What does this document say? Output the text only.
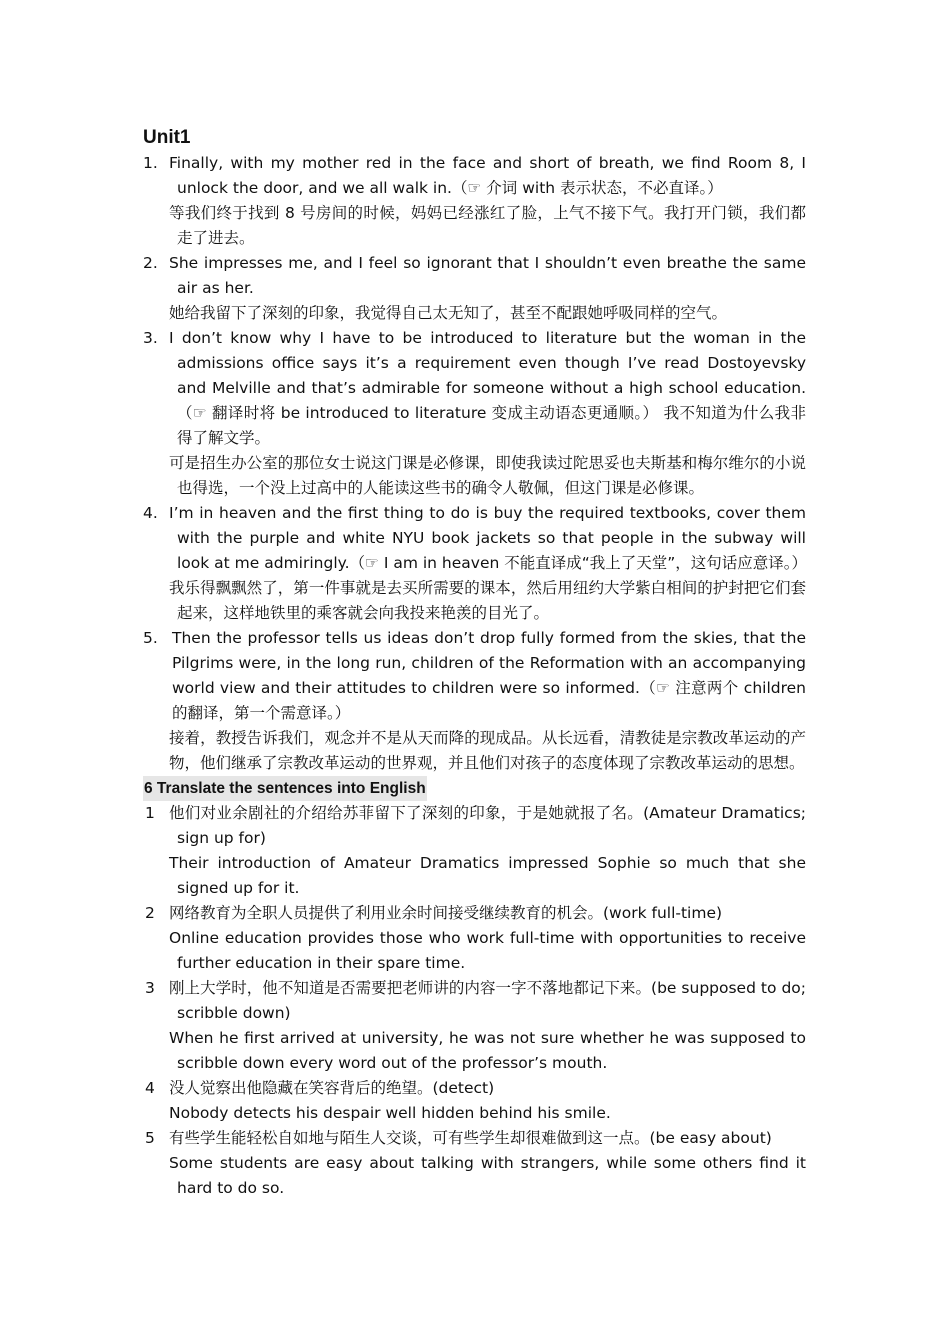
Unit1
1. Finally, with my mother red in the face and short of breath, we find Room 8, I unlock the door, and we all walk in.（☞ 介词 with 表示状态，不必直译。）
等我们终于找到 8 号房间的时候，妈妈已经涨红了脸，上气不接下气。我打开门锁，我们都走了进去。
2. She impresses me, and I feel so ignorant that I shouldn’t even breathe the same air as her.
她给我留下了深刻的印象，我觉得自己太无知了，甚至不配跟她呼吸同样的空气。
3. I don’t know why I have to be introduced to literature but the woman in the admissions office says it’s a requirement even though I’ve read Dostoyevsky and Melville and that’s admirable for someone without a high school education.（☞ 翻译时将 be introduced to literature 变成主动语态更通顺。） 我不知道为什么我非得了解文学。
可是招生办公室的那位女士说这门课是必修课，即使我读过陀思妥也夫斯基和梅尔维尔的小说也得选，一个没上过高中的人能读这些书的确令人敬佩，但这门课是必修课。
4. I’m in heaven and the first thing to do is buy the required textbooks, cover them with the purple and white NYU book jackets so that people in the subway will look at me admiringly.（☞ I am in heaven 不能直译成“我上了天堂”，这句话应意译。）
我乐得飘飘然了，第一件事就是去买所需要的课本，然后用纽约大学紫白相间的护封把它们套起来，这样地铁里的乘客就会向我投来艳羡的目光了。
5. Then the professor tells us ideas don’t drop fully formed from the skies, that the Pilgrims were, in the long run, children of the Reformation with an accompanying world view and their attitudes to children were so informed.（☞ 注意两个 children 的翻译，第一个需意译。）
接着，教授告诉我们，观念并不是从天而降的现成品。从长远看，清教徒是宗教改革运动的产物，他们继承了宗教改革运动的世界观，并且他们对孩子的态度体现了宗教改革运动的思想。
6 Translate the sentences into English
1 他们对业余剧社的介绍给苏菲留下了深刻的印象，于是她就报了名。(Amateur Dramatics; sign up for)
Their introduction of Amateur Dramatics impressed Sophie so much that she signed up for it.
2 网络教育为全职人员提供了利用业余时间接受继续教育的机会。(work full-time)
Online education provides those who work full-time with opportunities to receive further education in their spare time.
3 刚上大学时，他不知道是否需要把老师讲的内容一字不落地都记下来。(be supposed to do; scribble down)
When he first arrived at university, he was not sure whether he was supposed to scribble down every word out of the professor’s mouth.
4 没人觉察出他隐藏在笑容背后的绝望。(detect)
Nobody detects his despair well hidden behind his smile.
5 有些学生能轻松自如地与陌生人交谈，可有些学生却很难做到这一点。(be easy about)
Some students are easy about talking with strangers, while some others find it hard to do so.
